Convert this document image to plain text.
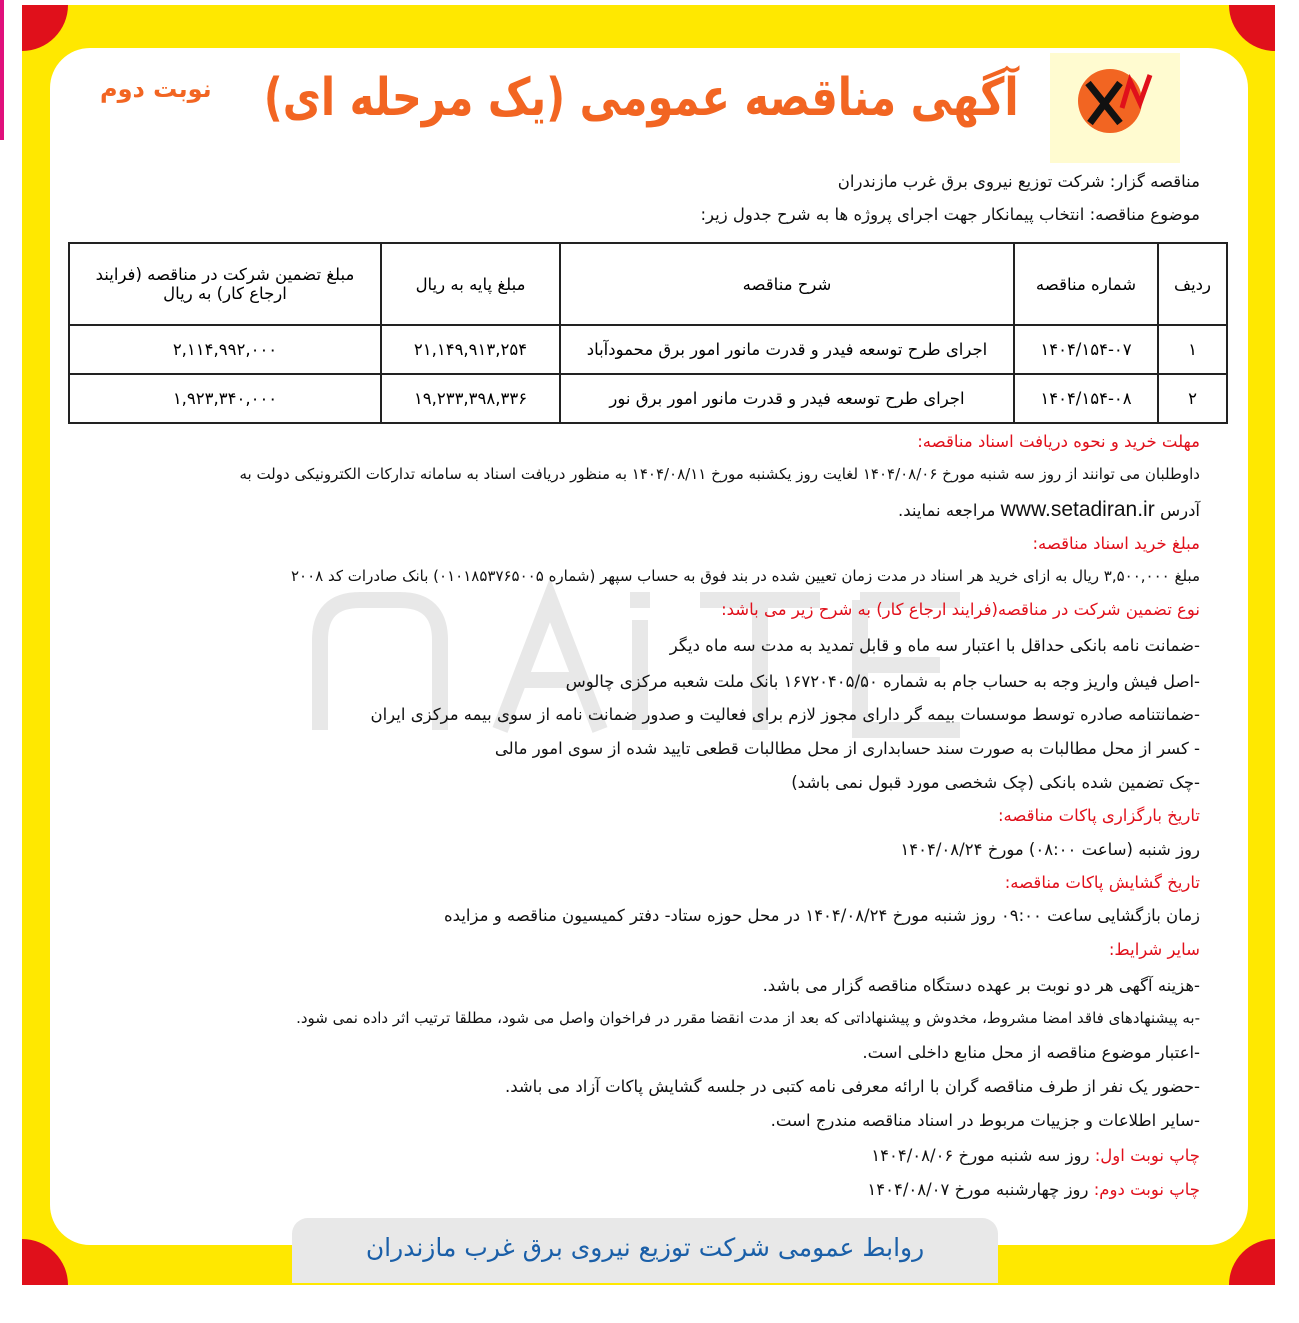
آگهی مناقصه عمومی (یک مرحله ای)
نوبت دوم
مناقصه گزار: شرکت توزیع نیروی برق غرب مازندران
موضوع مناقصه: انتخاب پیمانکار جهت اجرای پروژه ها به شرح جدول زیر:
ردیف	شماره مناقصه	شرح مناقصه	مبلغ پایه به ریال	مبلغ تضمین شرکت در مناقصه (فرایند ارجاع کار) به ریال
۱	۱۴۰۴/۱۵۴-۰۷	اجرای طرح توسعه فیدر و قدرت مانور امور برق محمودآباد	۲۱,۱۴۹,۹۱۳,۲۵۴	۲,۱۱۴,۹۹۲,۰۰۰
۲	۱۴۰۴/۱۵۴-۰۸	اجرای طرح توسعه فیدر و قدرت مانور امور برق نور	۱۹,۲۳۳,۳۹۸,۳۳۶	۱,۹۲۳,۳۴۰,۰۰۰
مهلت خرید و نحوه دریافت اسناد مناقصه:
داوطلبان می توانند از روز سه شنبه مورخ ۱۴۰۴/۰۸/۰۶ لغایت روز یکشنبه مورخ ۱۴۰۴/۰۸/۱۱ به منظور دریافت اسناد به سامانه تدارکات الکترونیکی دولت به
آدرس www.setadiran.ir مراجعه نمایند.
مبلغ خرید اسناد مناقصه:
مبلغ ۳,۵۰۰,۰۰۰ ریال به ازای خرید هر اسناد در مدت زمان تعیین شده در بند فوق به حساب سپهر (شماره ۰۱۰۱۸۵۳۷۶۵۰۰۵) بانک صادرات کد ۲۰۰۸
نوع تضمین شرکت در مناقصه(فرایند ارجاع کار) به شرح زیر می باشد:
-ضمانت نامه بانکی حداقل با اعتبار سه ماه و قابل تمدید به مدت سه ماه دیگر
-اصل فیش واریز وجه به حساب جام به شماره ۱۶۷۲۰۴۰۵/۵۰ بانک ملت شعبه مرکزی چالوس
-ضمانتنامه صادره توسط موسسات بیمه گر دارای مجوز لازم برای فعالیت و صدور ضمانت نامه از سوی بیمه مرکزی ایران
- کسر از محل مطالبات به صورت سند حسابداری از محل مطالبات قطعی تایید شده از سوی امور مالی
-چک تضمین شده بانکی (چک شخصی مورد قبول نمی باشد)
تاریخ بارگزاری پاکات مناقصه:
روز شنبه (ساعت ۰۸:۰۰) مورخ ۱۴۰۴/۰۸/۲۴
تاریخ گشایش پاکات مناقصه:
زمان بازگشایی ساعت ۰۹:۰۰ روز شنبه مورخ ۱۴۰۴/۰۸/۲۴ در محل حوزه ستاد- دفتر کمیسیون مناقصه و مزایده
سایر شرایط:
-هزینه آگهی هر دو نوبت بر عهده دستگاه مناقصه گزار می باشد.
-به پیشنهادهای فاقد امضا مشروط، مخدوش و پیشنهاداتی که بعد از مدت انقضا مقرر در فراخوان واصل می شود، مطلقا ترتیب اثر داده نمی شود.
-اعتبار موضوع مناقصه از محل منابع داخلی است.
-حضور یک نفر از طرف مناقصه گران با ارائه معرفی نامه کتبی در جلسه گشایش پاکات آزاد می باشد.
-سایر اطلاعات و جزییات مربوط در اسناد مناقصه مندرج است.
چاپ نوبت اول: روز سه شنبه مورخ ۱۴۰۴/۰۸/۰۶
چاپ نوبت دوم: روز چهارشنبه مورخ ۱۴۰۴/۰۸/۰۷
روابط عمومی شرکت توزیع نیروی برق غرب مازندران
